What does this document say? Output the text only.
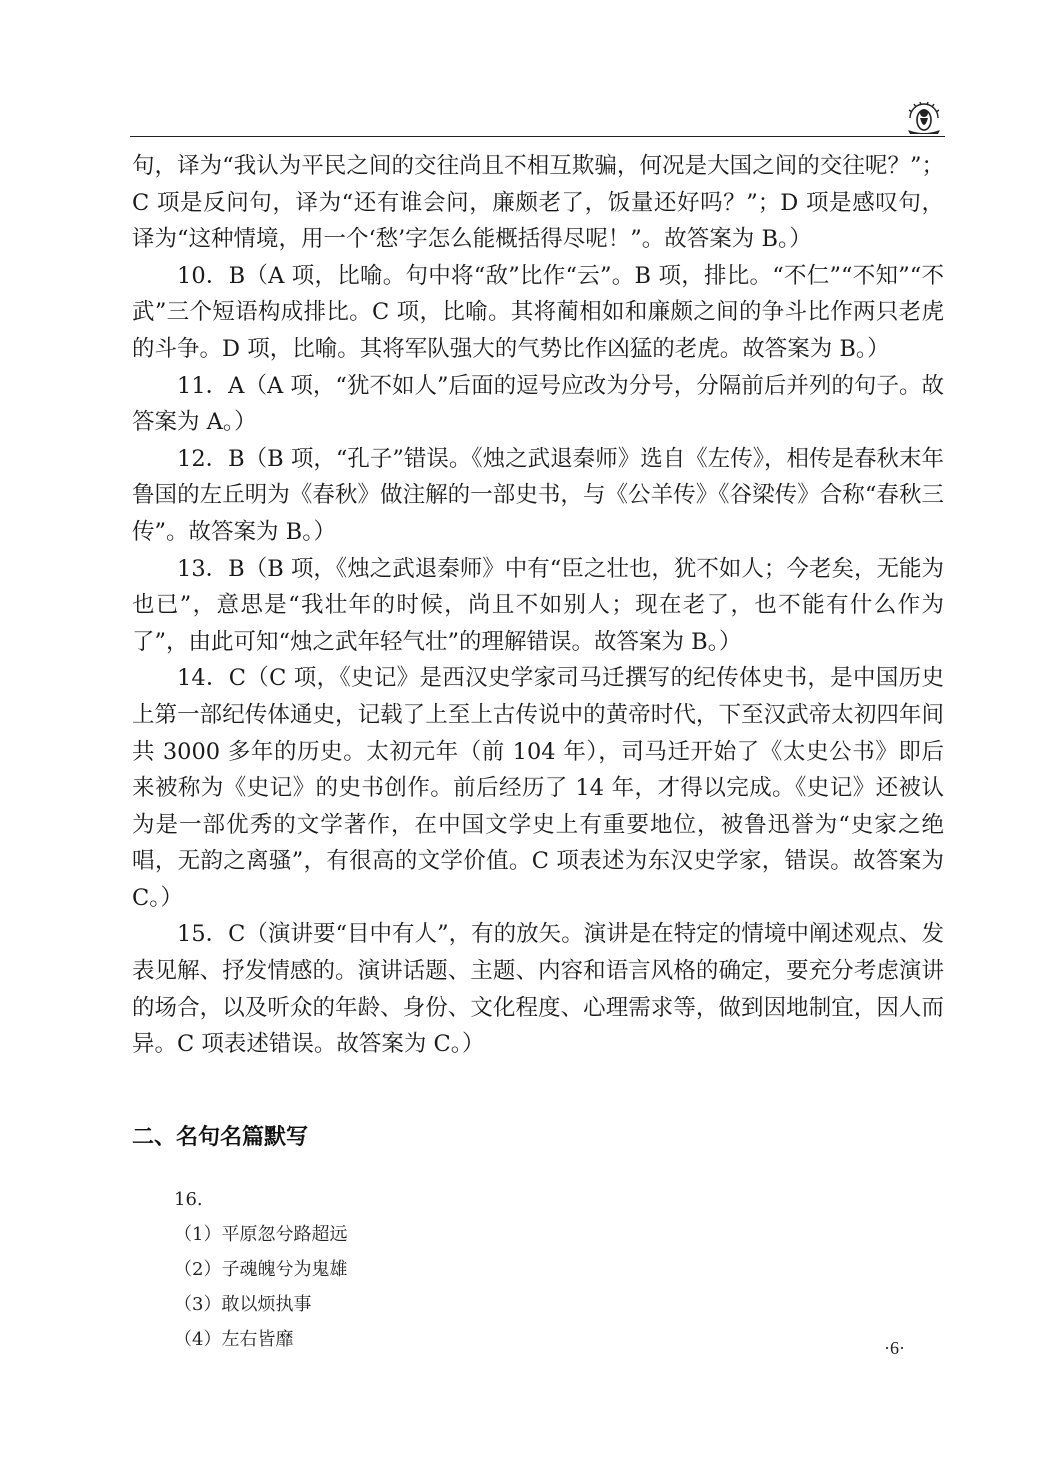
句，译为“我认为平民之间的交往尚且不相互欺骗，何况是大国之间的交往呢？”；C 项是反问句，译为“还有谁会问，廉颇老了，饭量还好吗？”；D 项是感叹句，译为“这种情境，用一个‘愁’字怎么能概括得尽呢！”。故答案为 B。）

10．B（A 项，比喻。句中将“敌”比作“云”。B 项，排比。“不仁”“不知”“不武”三个短语构成排比。C 项，比喻。其将蔺相如和廉颇之间的争斗比作两只老虎的斗争。D 项，比喻。其将军队强大的气势比作凶猛的老虎。故答案为 B。）

11．A（A 项，“犹不如人”后面的逗号应改为分号，分隔前后并列的句子。故答案为 A。）

12．B（B 项，“孔子”错误。《烛之武退秦师》选自《左传》，相传是春秋末年鲁国的左丘明为《春秋》做注解的一部史书，与《公羊传》《谷梁传》合称“春秋三传”。故答案为 B。）

13．B（B 项，《烛之武退秦师》中有“臣之壮也，犹不如人；今老矣，无能为也已”，意思是“我壮年的时候，尚且不如别人；现在老了，也不能有什么作为了”，由此可知“烛之武年轻气壮”的理解错误。故答案为 B。）

14．C（C 项，《史记》是西汉史学家司马迁撰写的纪传体史书，是中国历史上第一部纪传体通史，记载了上至上古传说中的黄帝时代，下至汉武帝太初四年间共 3000 多年的历史。太初元年（前 104 年），司马迁开始了《太史公书》即后来被称为《史记》的史书创作。前后经历了 14 年，才得以完成。《史记》还被认为是一部优秀的文学著作，在中国文学史上有重要地位，被鲁迅誉为“史家之绝唱，无韵之离骚”，有很高的文学价值。C 项表述为东汉史学家，错误。故答案为 C。）

15．C（演讲要“目中有人”，有的放矢。演讲是在特定的情境中阐述观点、发表见解、抒发情感的。演讲话题、主题、内容和语言风格的确定，要充分考虑演讲的场合，以及听众的年龄、身份、文化程度、心理需求等，做到因地制宜，因人而异。C 项表述错误。故答案为 C。）

二、名句名篇默写
16.
（1）平原忽兮路超远
（2）子魂魄兮为鬼雄
（3）敢以烦执事
（4）左右皆靡	·6·
